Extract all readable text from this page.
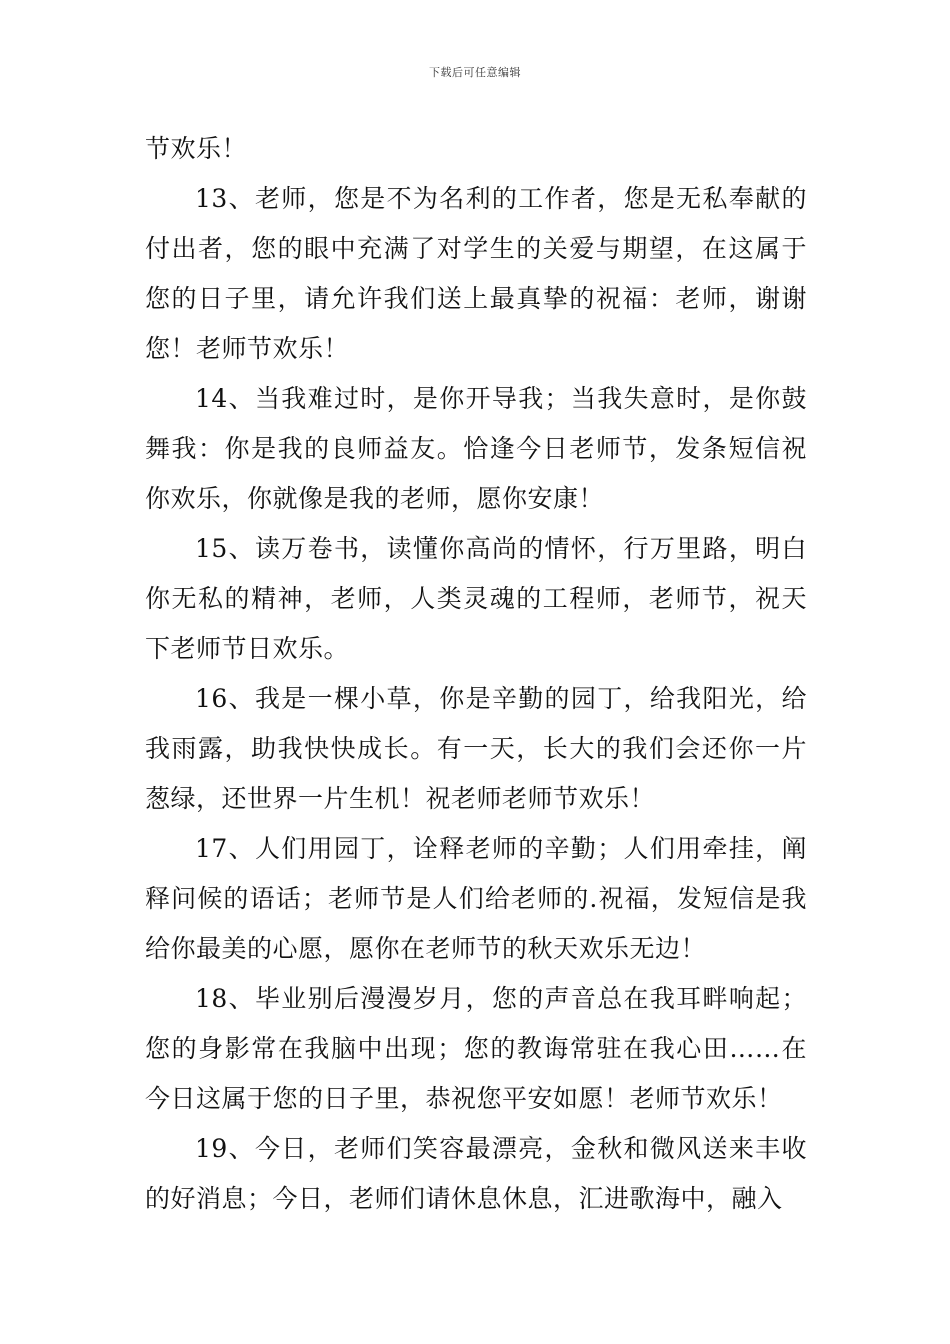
下载后可任意编辑

节欢乐！

13、老师，您是不为名利的工作者，您是无私奉献的付出者，您的眼中充满了对学生的关爱与期望，在这属于您的日子里，请允许我们送上最真挚的祝福：老师，谢谢您！老师节欢乐！

14、当我难过时，是你开导我；当我失意时，是你鼓舞我：你是我的良师益友。恰逢今日老师节，发条短信祝你欢乐，你就像是我的老师，愿你安康！

15、读万卷书，读懂你高尚的情怀，行万里路，明白你无私的精神，老师，人类灵魂的工程师，老师节，祝天下老师节日欢乐。

16、我是一棵小草，你是辛勤的园丁，给我阳光，给我雨露，助我快快成长。有一天，长大的我们会还你一片葱绿，还世界一片生机！祝老师老师节欢乐！

17、人们用园丁，诠释老师的辛勤；人们用牵挂，阐释问候的语话；老师节是人们给老师的.祝福，发短信是我给你最美的心愿，愿你在老师节的秋天欢乐无边！

18、毕业别后漫漫岁月，您的声音总在我耳畔响起；您的身影常在我脑中出现；您的教诲常驻在我心田……在今日这属于您的日子里，恭祝您平安如愿！老师节欢乐！

19、今日，老师们笑容最漂亮，金秋和微风送来丰收的好消息；今日，老师们请休息休息，汇进歌海中，融入
